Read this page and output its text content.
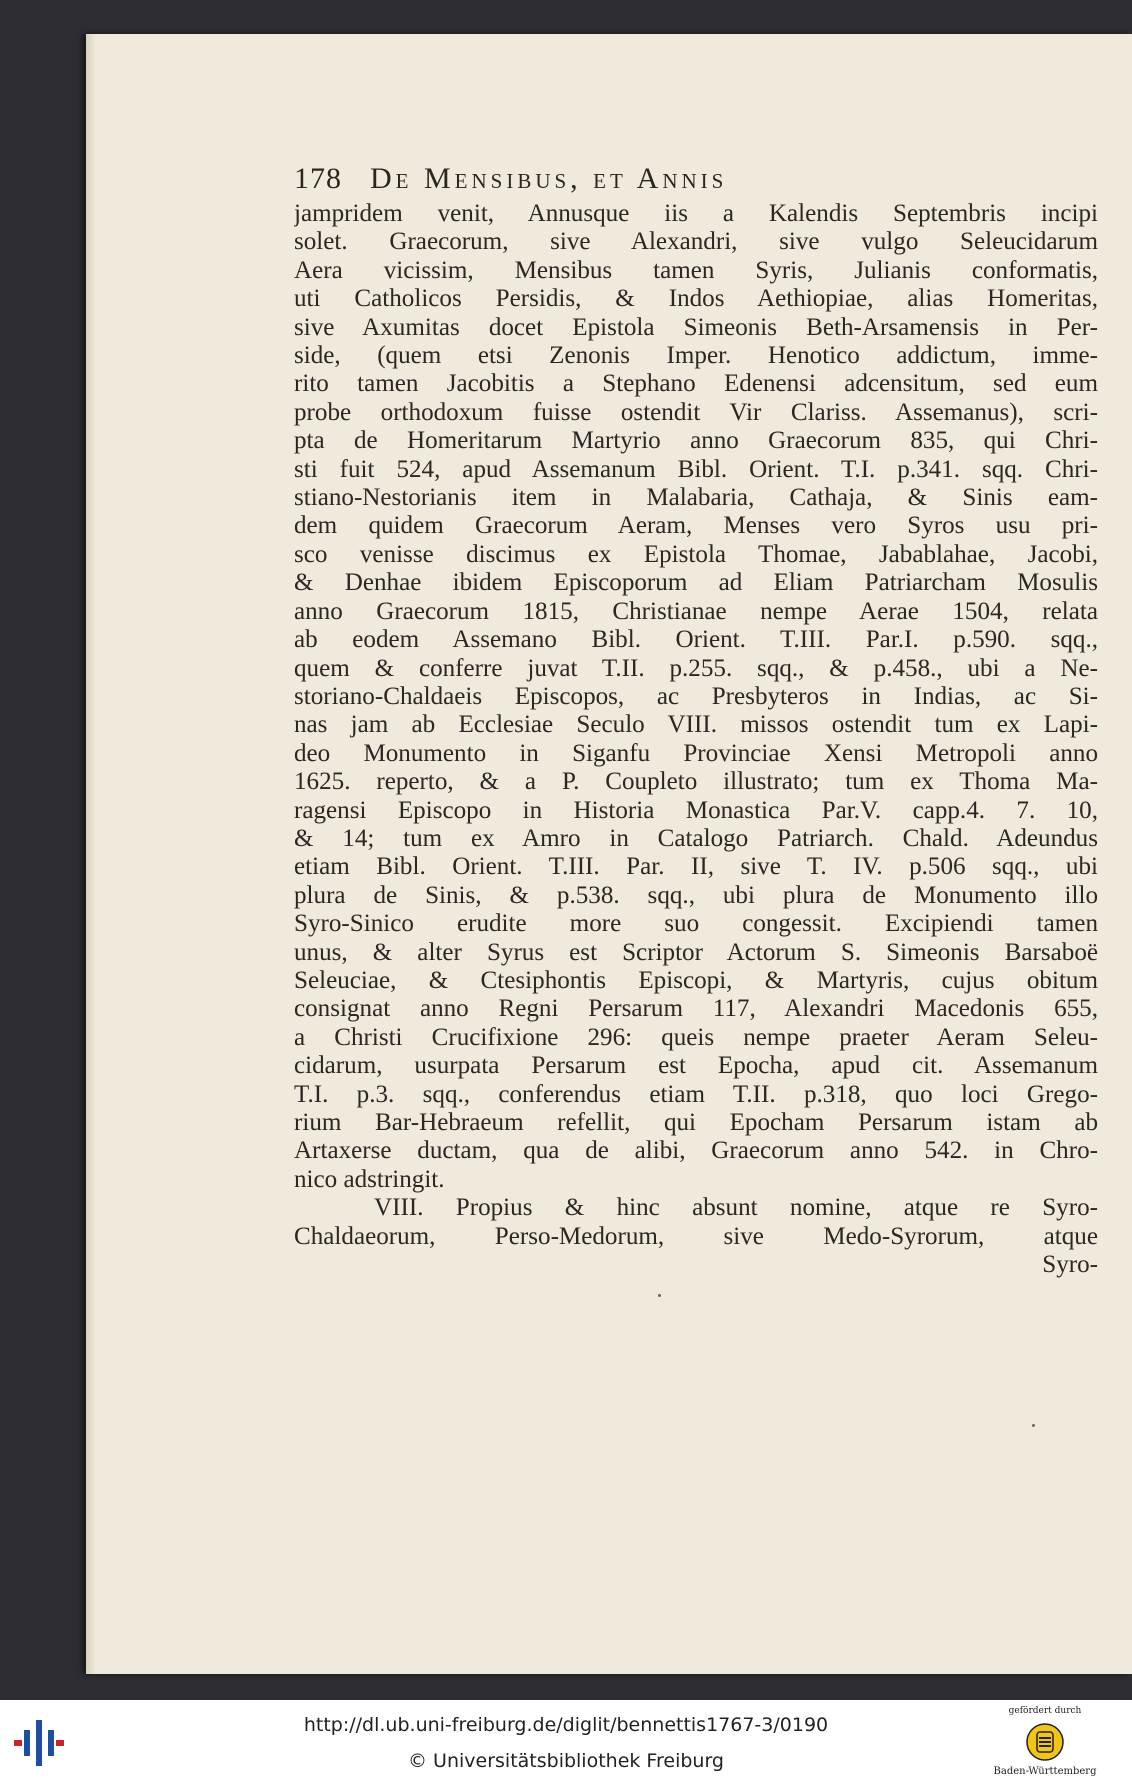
178 De Mensibus, et Annis
jampridem venit, Annusque iis a Kalendis Septembris incipi
solet. Graecorum, sive Alexandri, sive vulgo Seleucidarum
Aera vicissim, Mensibus tamen Syris, Julianis conformatis,
uti Catholicos Persidis, & Indos Aethiopiae, alias Homeritas,
sive Axumitas docet Epistola Simeonis Beth-Arsamensis in Per-
side, (quem etsi Zenonis Imper. Henotico addictum, imme-
rito tamen Jacobitis a Stephano Edenensi adcensitum, sed eum
probe orthodoxum fuisse ostendit Vir Clariss. Assemanus), scri-
pta de Homeritarum Martyrio anno Graecorum 835, qui Chri-
sti fuit 524, apud Assemanum Bibl. Orient. T.I. p.341. sqq. Chri-
stiano-Nestorianis item in Malabaria, Cathaja, & Sinis eam-
dem quidem Graecorum Aeram, Menses vero Syros usu pri-
sco venisse discimus ex Epistola Thomae, Jabablahae, Jacobi,
& Denhae ibidem Episcoporum ad Eliam Patriarcham Mosulis
anno Graecorum 1815, Christianae nempe Aerae 1504, relata
ab eodem Assemano Bibl. Orient. T.III. Par.I. p.590. sqq.,
quem & conferre juvat T.II. p.255. sqq., & p.458., ubi a Ne-
storiano-Chaldaeis Episcopos, ac Presbyteros in Indias, ac Si-
nas jam ab Ecclesiae Seculo VIII. missos ostendit tum ex Lapi-
deo Monumento in Siganfu Provinciae Xensi Metropoli anno
1625. reperto, & a P. Coupleto illustrato; tum ex Thoma Ma-
ragensi Episcopo in Historia Monastica Par.V. capp.4. 7. 10,
& 14; tum ex Amro in Catalogo Patriarch. Chald. Adeundus
etiam Bibl. Orient. T.III. Par. II, sive T. IV. p.506 sqq., ubi
plura de Sinis, & p.538. sqq., ubi plura de Monumento illo
Syro-Sinico erudite more suo congessit. Excipiendi tamen
unus, & alter Syrus est Scriptor Actorum S. Simeonis Barsaboë
Seleuciae, & Ctesiphontis Episcopi, & Martyris, cujus obitum
consignat anno Regni Persarum 117, Alexandri Macedonis 655,
a Christi Crucifixione 296: queis nempe praeter Aeram Seleu-
cidarum, usurpata Persarum est Epocha, apud cit. Assemanum
T.I. p.3. sqq., conferendus etiam T.II. p.318, quo loci Grego-
rium Bar-Hebraeum refellit, qui Epocham Persarum istam ab
Artaxerse ductam, qua de alibi, Graecorum anno 542. in Chro-
nico adstringit.
VIII. Propius & hinc absunt nomine, atque re Syro-
Chaldaeorum, Perso-Medorum, sive Medo-Syrorum, atque
Syro-
http://dl.ub.uni-freiburg.de/diglit/bennettis1767-3/0190
© Universitätsbibliothek Freiburg
gefördert durch
Baden-Württemberg
